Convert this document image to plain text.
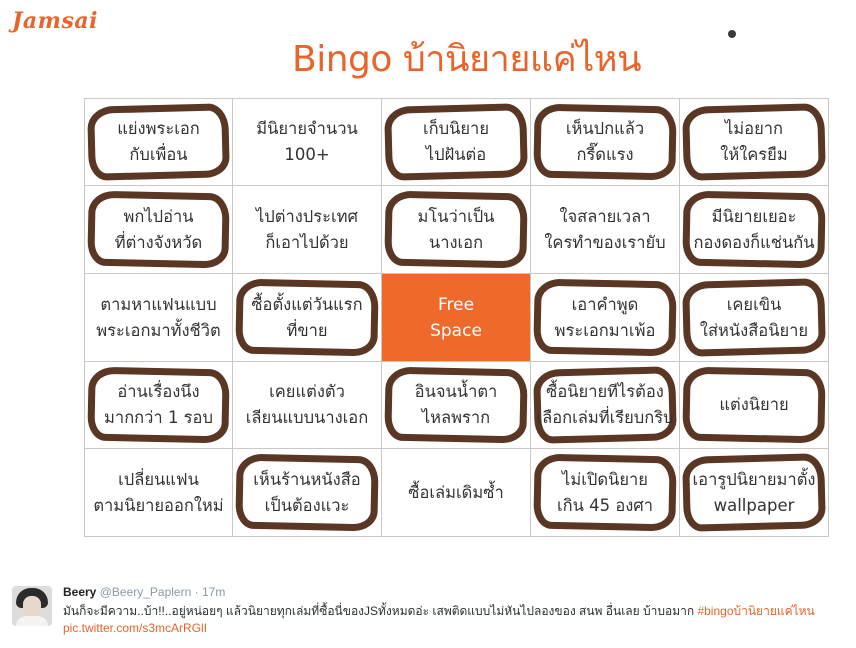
Jamsai
Bingo บ้านิยายแค่ไหน
แย่งพระเอก
กับเพื่อน
มีนิยายจำนวน
100+
เก็บนิยาย
ไปฝันต่อ
เห็นปกแล้ว
กรี๊ดแรง
ไม่อยาก
ให้ใครยืม
พกไปอ่าน
ที่ต่างจังหวัด
ไปต่างประเทศ
ก็เอาไปด้วย
มโนว่าเป็น
นางเอก
ใจสลายเวลา
ใครทำของเรายับ
มีนิยายเยอะ
กองดองก็แช่นกัน
ตามหาแฟนแบบ
พระเอกมาทั้งชีวิต
ซื้อตั้งแต่วันแรก
ที่ขาย
Free
Space
เอาคำพูด
พระเอกมาเพ้อ
เคยเขิน
ใส่หนังสือนิยาย
อ่านเรื่องนึง
มากกว่า 1 รอบ
เคยแต่งตัว
เลียนแบบนางเอก
อินจนน้ำตา
ไหลพราก
ซื้อนิยายทีไรต้อง
เลือกเล่มที่เรียบกริบ
แต่งนิยาย
เปลี่ยนแฟน
ตามนิยายออกใหม่
เห็นร้านหนังสือ
เป็นต้องแวะ
ซื้อเล่มเดิมซ้ำ
ไม่เปิดนิยาย
เกิน 45 องศา
เอารูปนิยายมาตั้ง
wallpaper
Beery @Beery_Paplern · 17m
มันก็จะมีความ..บ้า!!..อยู่หน่อยๆ แล้วนิยายทุกเล่มที่ซื้อนี่ของJSทั้งหมดอ่ะ เสพติดแบบไม่หันไปลองของ สนพ อื่นเลย บ้าบอมาก #bingoบ้านิยายแค่ไหน
pic.twitter.com/s3mcArRGlI
